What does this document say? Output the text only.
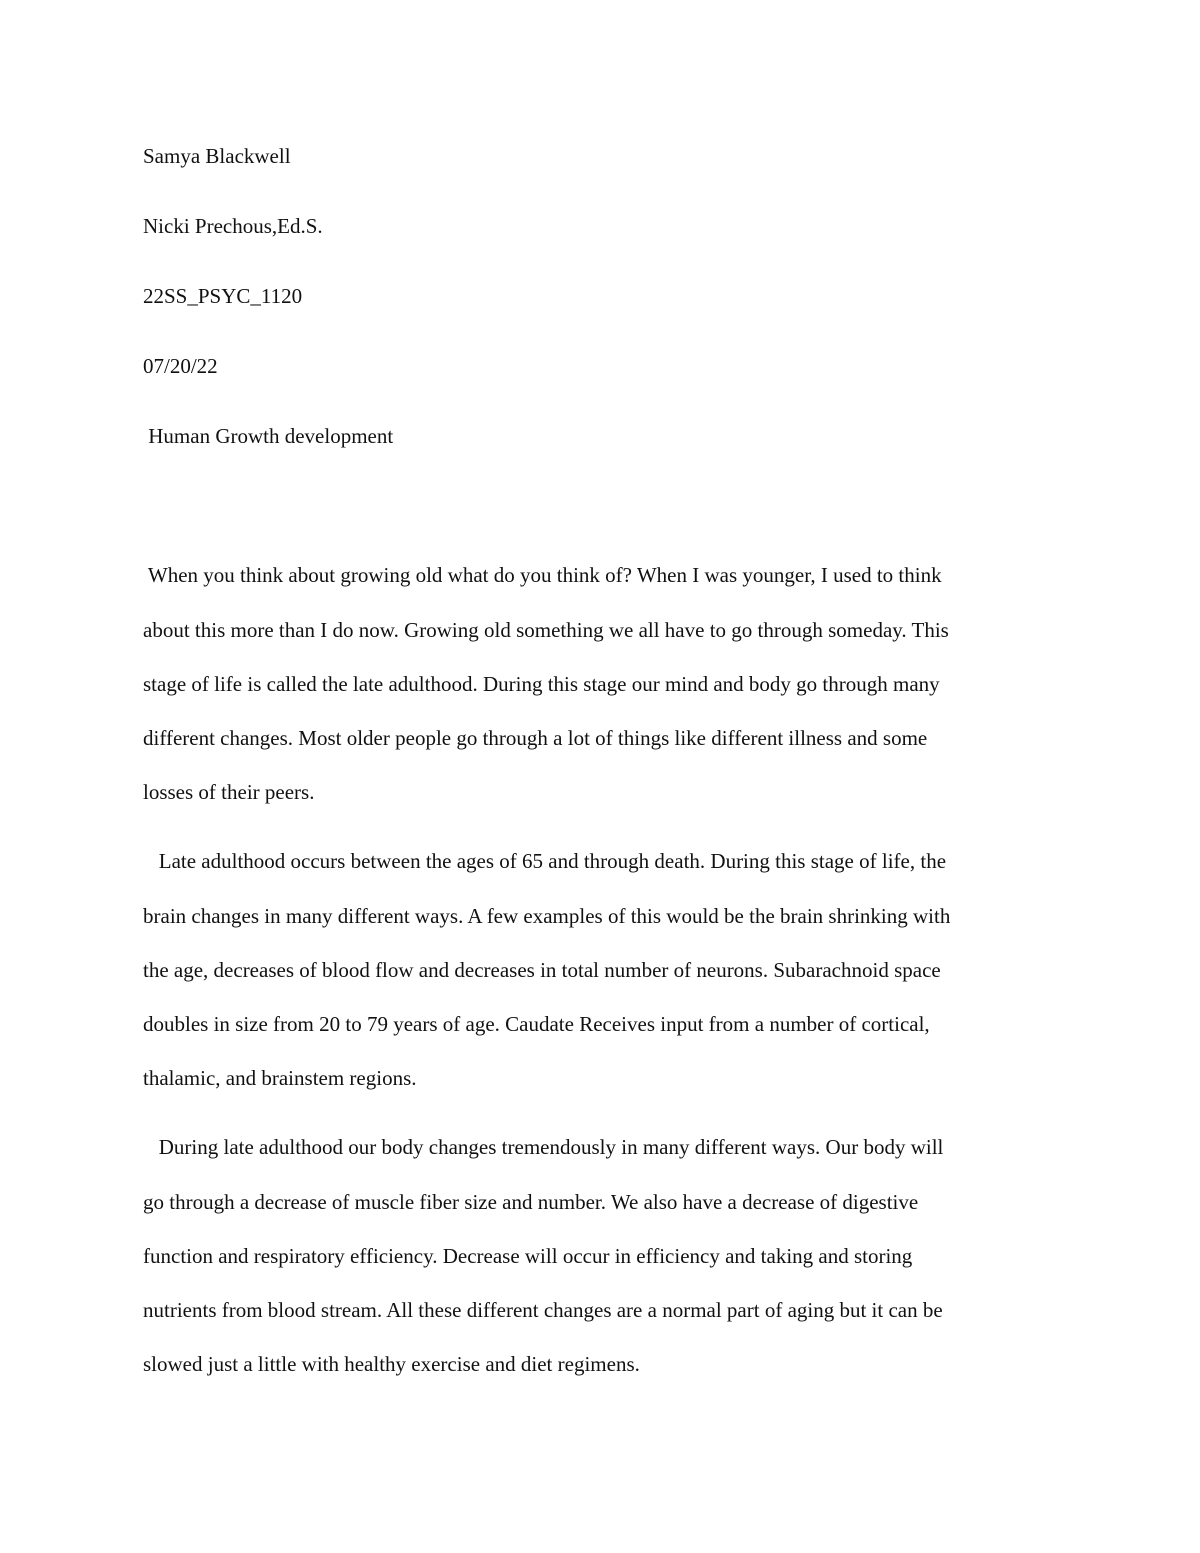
Samya Blackwell

Nicki Prechous,Ed.S.

22SS_PSYC_1120

07/20/22

Human Growth development

When you think about growing old what do you think of? When I was younger, I used to think

about this more than I do now. Growing old something we all have to go through someday. This

stage of life is called the late adulthood. During this stage our mind and body go through many

different changes. Most older people go through a lot of things like different illness and some

losses of their peers.

Late adulthood occurs between the ages of 65 and through death. During this stage of life, the

brain changes in many different ways. A few examples of this would be the brain shrinking with

the age, decreases of blood flow and decreases in total number of neurons. Subarachnoid space

doubles in size from 20 to 79 years of age. Caudate Receives input from a number of cortical,

thalamic, and brainstem regions.

During late adulthood our body changes tremendously in many different ways. Our body will

go through a decrease of muscle fiber size and number. We also have a decrease of digestive

function and respiratory efficiency. Decrease will occur in efficiency and taking and storing

nutrients from blood stream. All these different changes are a normal part of aging but it can be

slowed just a little with healthy exercise and diet regimens.
